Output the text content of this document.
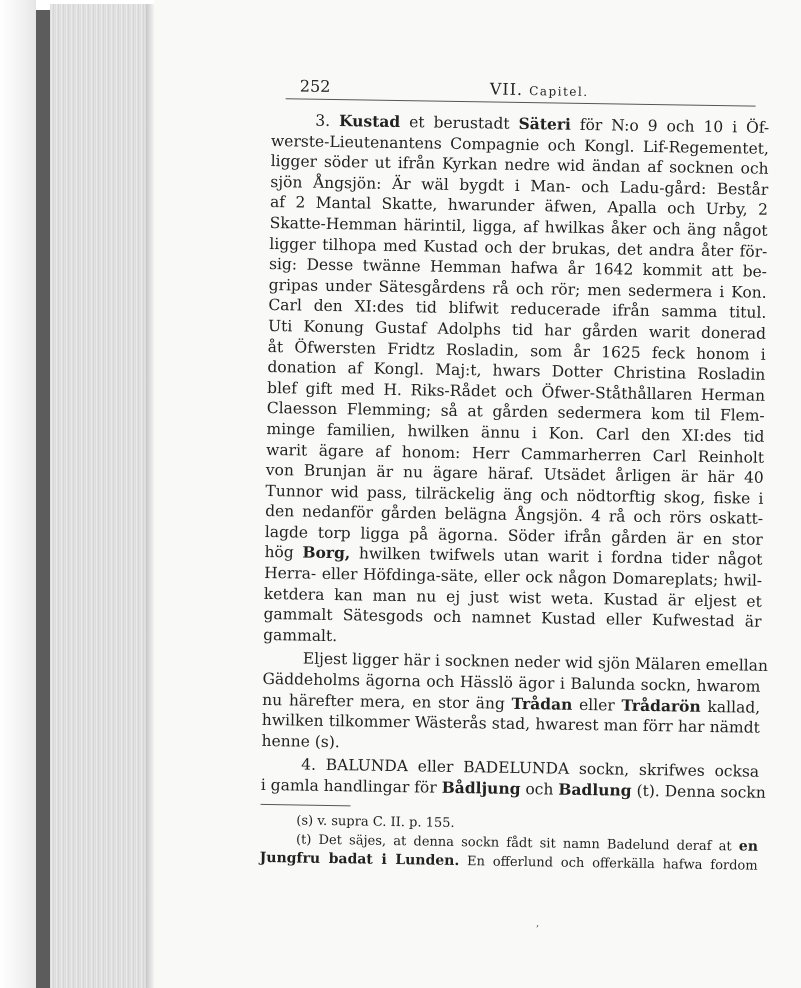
252	VII. Capitel.
3. Kustad et berustadt Säteri för N:o 9 och 10 i Öf-
werste-Lieutenantens Compagnie och Kongl. Lif-Regementet,
ligger söder ut ifrån Kyrkan nedre wid ändan af socknen och
sjön Ångsjön: Är wäl bygdt i Man- och Ladu-gård: Består
af 2 Mantal Skatte, hwarunder äfwen, Apalla och Urby, 2
Skatte-Hemman härintil, ligga, af hwilkas åker och äng något
ligger tilhopa med Kustad och der brukas, det andra åter för-
sig: Desse twänne Hemman hafwa år 1642 kommit att be-
gripas under Sätesgårdens rå och rör; men sedermera i Kon.
Carl den XI:des tid blifwit reducerade ifrån samma titul.
Uti Konung Gustaf Adolphs tid har gården warit donerad
åt Öfwersten Fridtz Rosladin, som år 1625 feck honom i
donation af Kongl. Maj:t, hwars Dotter Christina Rosladin
blef gift med H. Riks-Rådet och Öfwer-Ståthållaren Herman
Claesson Flemming; så at gården sedermera kom til Flem-
minge familien, hwilken ännu i Kon. Carl den XI:des tid
warit ägare af honom: Herr Cammarherren Carl Reinholt
von Brunjan är nu ägare häraf. Utsädet årligen är här 40
Tunnor wid pass, tilräckelig äng och nödtorftig skog, fiske i
den nedanför gården belägna Ångsjön. 4 rå och rörs oskatt-
lagde torp ligga på ägorna. Söder ifrån gården är en stor
hög Borg, hwilken twifwels utan warit i fordna tider något
Herra- eller Höfdinga-säte, eller ock någon Domareplats; hwil-
ketdera kan man nu ej just wist weta. Kustad är eljest et
gammalt Sätesgods och namnet Kustad eller Kufwestad är
gammalt.
Eljest ligger här i socknen neder wid sjön Mälaren emellan
Gäddeholms ägorna och Hässlö ägor i Balunda sockn, hwarom
nu härefter mera, en stor äng Trådan eller Trådarön kallad,
hwilken tilkommer Wästerås stad, hwarest man förr har nämdt
henne (s).
4. BALUNDA eller BADELUNDA sockn, skrifwes ocksa
i gamla handlingar för Bådljung och Badlung (t). Denna sockn
(s) v. supra C. II. p. 155.
(t) Det säjes, at denna sockn fådt sit namn Badelund deraf at en
Jungfru badat i Lunden. En offerlund och offerkälla hafwa fordom
,
